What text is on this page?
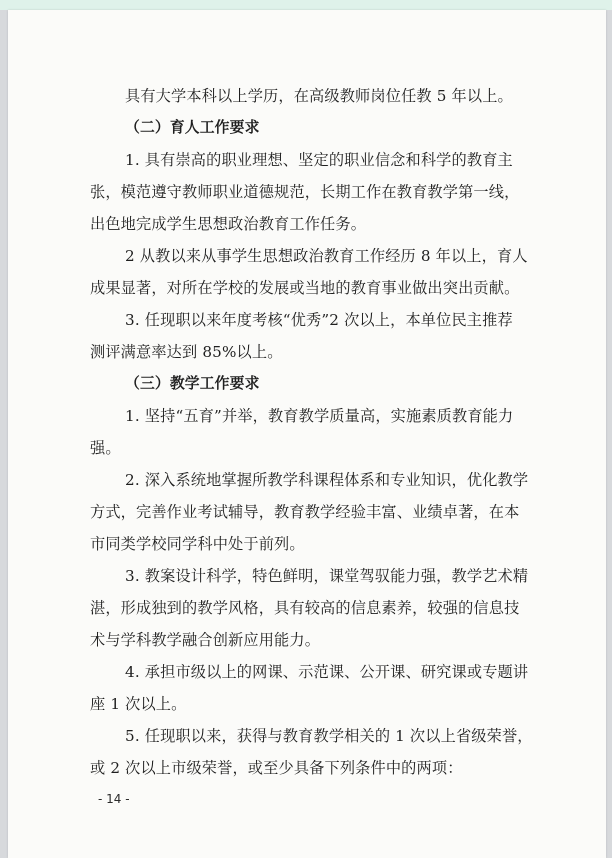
具有大学本科以上学历，在高级教师岗位任教 5 年以上。
（二）育人工作要求
1. 具有崇高的职业理想、坚定的职业信念和科学的教育主
张，模范遵守教师职业道德规范，长期工作在教育教学第一线，
出色地完成学生思想政治教育工作任务。
2 从教以来从事学生思想政治教育工作经历 8 年以上，育人
成果显著，对所在学校的发展或当地的教育事业做出突出贡献。
3. 任现职以来年度考核“优秀”2 次以上，本单位民主推荐
测评满意率达到 85%以上。
（三）教学工作要求
1. 坚持“五育”并举，教育教学质量高，实施素质教育能力
强。
2. 深入系统地掌握所教学科课程体系和专业知识，优化教学
方式，完善作业考试辅导，教育教学经验丰富、业绩卓著，在本
市同类学校同学科中处于前列。
3. 教案设计科学，特色鲜明，课堂驾驭能力强，教学艺术精
湛，形成独到的教学风格，具有较高的信息素养，较强的信息技
术与学科教学融合创新应用能力。
4. 承担市级以上的网课、示范课、公开课、研究课或专题讲
座 1 次以上。
5. 任现职以来，获得与教育教学相关的 1 次以上省级荣誉，
或 2 次以上市级荣誉，或至少具备下列条件中的两项：
- 14 -
